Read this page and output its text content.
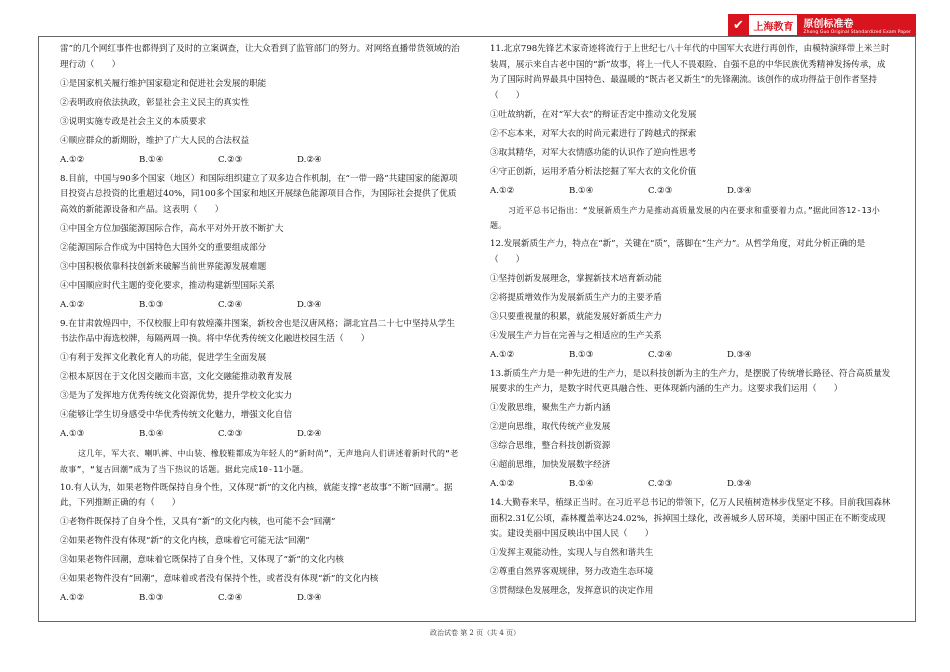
✔ 上海教育	原创标准卷
Zhong Guo Original Standardized Exam Paper

雷”的几个网红事件也都得到了及时的立案调查，让大众看到了监管部门的努力。对网络直播带货领域的治理行动（　　）

①是国家机关履行维护国家稳定和促进社会发展的职能

②表明政府依法执政，彰显社会主义民主的真实性

③说明实施专政是社会主义的本质要求

④顺应群众的新期盼，维护了广大人民的合法权益

A.①②	B.①④	C.②③	D.②④

8.目前，中国与90多个国家（地区）和国际组织建立了双多边合作机制，在“一带一路”共建国家的能源项目投资占总投资的比重超过40%，同100多个国家和地区开展绿色能源项目合作，为国际社会提供了优质高效的新能源设备和产品。这表明（　　）

①中国全方位加强能源国际合作，高水平对外开放不断扩大

②能源国际合作成为中国特色大国外交的重要组成部分

③中国积极依靠科技创新来破解当前世界能源发展难题

④中国顺应时代主题的变化要求，推动构建新型国际关系

A.①②	B.①③	C.②④	D.③④

9.在甘肃敦煌四中，不仅校服上印有敦煌藻井图案，新校舍也是汉唐风格；湖北宜昌二十七中坚持从学生书法作品中海选校牌，每隔两周一换。将中华优秀传统文化融进校园生活（　　）

①有利于发挥文化教化育人的功能，促进学生全面发展

②根本原因在于文化因交融而丰富，文化交融能推动教育发展

③是为了发挥地方优秀传统文化资源优势，提升学校文化实力

④能够让学生切身感受中华优秀传统文化魅力，增强文化自信

A.①③	B.①④	C.②③	D.②④

这几年，军大衣、喇叭裤、中山装、橡胶鞋都成为年轻人的“新时尚”，无声地向人们讲述着新时代的“老故事”，“复古回潮”成为了当下热议的话题。据此完成10-11小题。

10.有人认为，如果老物件既保持自身个性，又体现“新”的文化内核，就能支撑“老故事”不断“回潮”。据此，下列推断正确的有（　　）

①老物件既保持了自身个性，又具有“新”的文化内核，也可能不会“回潮”

②如果老物件没有体现“新”的文化内核，意味着它可能无法“回潮”

③如果老物件回潮，意味着它既保持了自身个性，又体现了“新”的文化内核

④如果老物件没有“回潮”，意味着或者没有保持个性，或者没有体现“新”的文化内核

A.①②	B.①③	C.②④	D.③④

11.北京798先锋艺术家奇迹将流行于上世纪七八十年代的中国军大衣进行再创作，由模特演绎带上米兰时装周，展示来自古老中国的“新”故事，将上一代人不畏艰险、自强不息的中华民族优秀精神发扬传承，成为了国际时尚界最具中国特色、最温暖的“既古老又新生”的先锋潮流。该创作的成功得益于创作者坚持（　　）

①吐故纳新，在对“军大衣”的辩证否定中推动文化发展

②不忘本来，对军大衣的时尚元素进行了跨越式的探索

③取其精华，对军大衣情感功能的认识作了逆向性思考

④守正创新，运用矛盾分析法挖掘了军大衣的文化价值

A.①②	B.①④	C.②③	D.③④

习近平总书记指出：“发展新质生产力是推动高质量发展的内在要求和重要着力点。”据此回答12-13小题。

12.发展新质生产力，特点在“新”，关键在“质”，落脚在“生产力”。从哲学角度，对此分析正确的是（　　）

①坚持创新发展理念，掌握新技术培育新动能

②将提质增效作为发展新质生产力的主要矛盾

③只要重视量的积累，就能发展好新质生产力

④发展生产力旨在完善与之相适应的生产关系

A.①②	B.①③	C.②④	D.③④

13.新质生产力是一种先进的生产力，是以科技创新为主的生产力，是摆脱了传统增长路径、符合高质量发展要求的生产力，是数字时代更具融合性、更体现新内涵的生产力。这要求我们运用（　　）

①发散思维，聚焦生产力新内涵

②逆向思维，取代传统产业发展

③综合思维，整合科技创新资源

④超前思维，加快发展数字经济

A.①②	B.①④	C.②③	D.③④

14.大勤春来早，植绿正当时。在习近平总书记的带领下，亿万人民植树造林步伐坚定不移。目前我国森林面积2.31亿公顷，森林覆盖率达24.02%，拆掉国土绿化，改善城乡人居环境，美丽中国正在不断变成现实。建设美丽中国反映出中国人民（　　）

①发挥主观能动性，实现人与自然和谐共生

②尊重自然界客观规律，努力改造生态环境

③贯彻绿色发展理念，发挥意识的决定作用

政治试卷 第 2 页（共 4 页）
